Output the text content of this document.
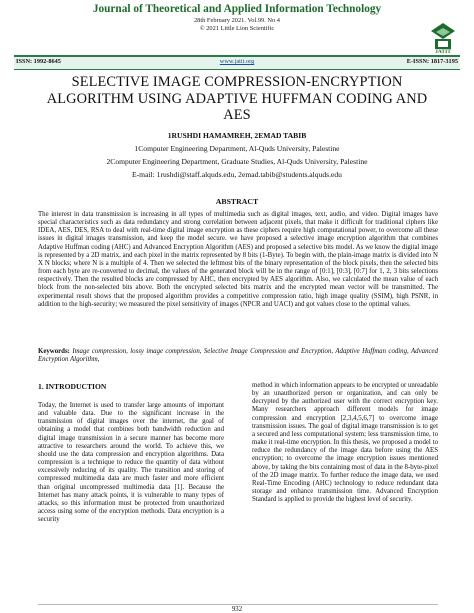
Journal of Theoretical and Applied Information Technology
28th February 2021. Vol.99. No 4
© 2021 Little Lion Scientific
JATIT
ISSN: 1992-8645	www.jatit.org	E-ISSN: 1817-3195
SELECTIVE IMAGE COMPRESSION-ENCRYPTION
ALGORITHM USING ADAPTIVE HUFFMAN CODING AND
AES
1RUSHDI HAMAMREH, 2EMAD TABIB
1Computer Engineering Department, Al-Quds University, Palestine
2Computer Engineering Department, Graduate Studies, Al-Quds University, Palestine
E-mail: 1rushdi@staff.alquds.edu, 2emad.tabib@students.alquds.edu
ABSTRACT
The interest in data transmission is increasing in all types of multimedia such as digital images, text, audio, and video. Digital images have special characteristics such as data redundancy and strong correlation between adjacent pixels, that make it difficult for traditional ciphers like IDEA, AES, DES, RSA to deal with real-time digital image encryption as these ciphers require high computational power, to overcome all these issues in digital images transmission, and keep the model secure. we have proposed a selective image encryption algorithm that combines Adaptive Huffman coding (AHC) and Advanced Encryption Algorithm (AES) and proposed a selective bits model. As we know the digital image is represented by a 2D matrix, and each pixel in the matrix represented by 8 bits (1-Byte). To begin with, the plain-image matrix is divided into N X N blocks; where N is a multiple of 4. Then we selected the leftmost bits of the binary representation of the block pixels, then the selected bits from each byte are re-converted to decimal, the values of the generated block will be in the range of [0:1], [0:3], [0:7] for 1, 2, 3 bits selections respectively. Then the resulted blocks are compressed by AHC, then encrypted by AES algorithm. Also, we calculated the mean value of each block from the non-selected bits above. Both the encrypted selected bits matrix and the encrypted mean vector will be transmitted. The experimental result shows that the proposed algorithm provides a competitive compression ratio, high image quality (SSIM), high PSNR, in addition to the high-security; we measured the pixel sensitivity of images (NPCR and UACI) and got values close to the optimal values.
Keywords: Image compression, lossy image compression, Selective Image Compression and Encryption, Adaptive Huffman coding, Advanced Encryption Algorithm,
1. INTRODUCTION
Today, the Internet is used to transfer large amounts of important and valuable data. Due to the significant increase in the transmission of digital images over the internet, the goal of obtaining a model that combines both bandwidth reduction and digital image transmission in a secure manner has become more attractive to researchers around the world. To achieve this, we should use the data compression and encryption algorithms. Data compression is a technique to reduce the quantity of data without excessively reducing of its quality. The transition and storing of compressed multimedia data are much faster and more efficient than original uncompressed multimedia data [1]. Because the Internet has many attack points, it is vulnerable to many types of attacks, so this information must be protected from unauthorized access using some of the encryption methods. Data encryption is a security
method in which information appears to be encrypted or unreadable by an unauthorized person or organization, and can only be decrypted by the authorized user with the correct encryption key. Many researchers approach different models for image compression and encryption [2,3,4,5,6,7] to overcome image transmission issues. The goal of digital image transmission is to get a secured and less computational system; less transmission time, to make it real-time encryption. In this thesis, we proposed a model to reduce the redundancy of the image data before using the AES encryption; to overcome the image encryption issues mentioned above, by taking the bits containing most of data in the 8-byte-pixel of the 2D image matrix. To further reduce the image data, we used Real-Time Encoding (AHC) technology to reduce redundant data storage and enhance transmission time. Advanced Encryption Standard is applied to provide the highest level of security.
932
